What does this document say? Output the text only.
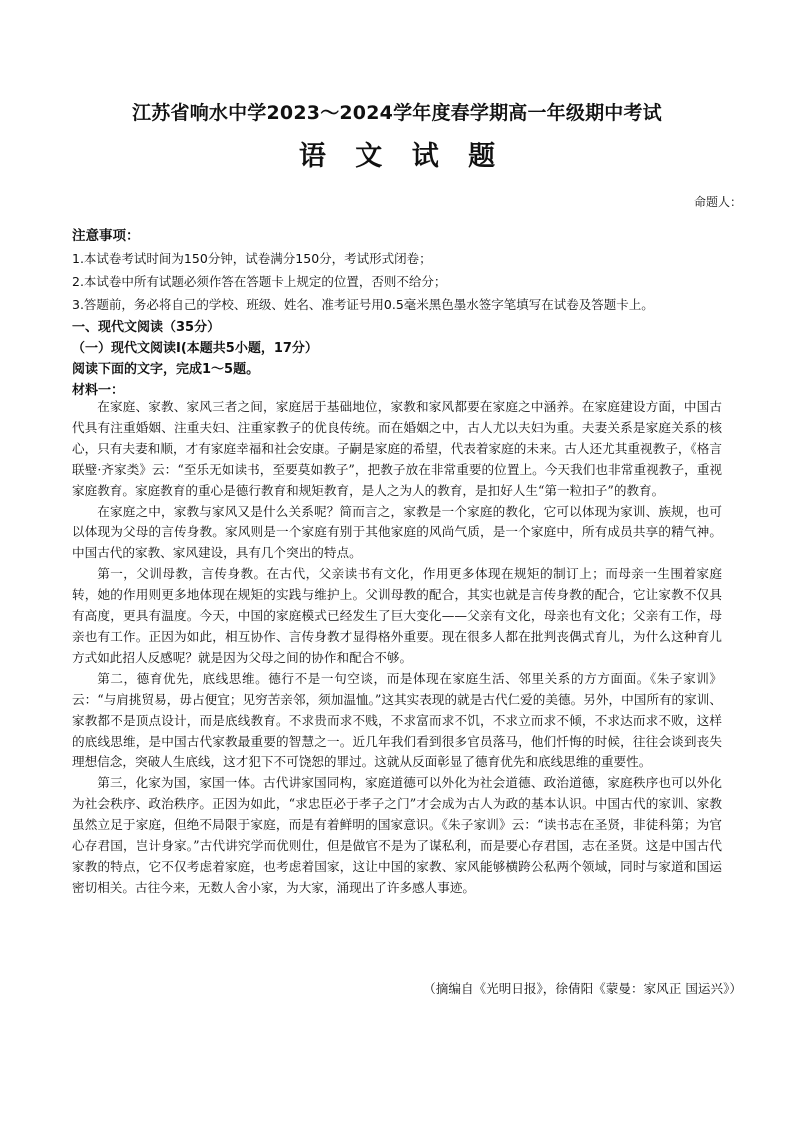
江苏省响水中学2023～2024学年度春学期高一年级期中考试
语 文 试 题
命题人：
注意事项：
1.本试卷考试时间为150分钟，试卷满分150分，考试形式闭卷；
2.本试卷中所有试题必须作答在答题卡上规定的位置，否则不给分；
3.答题前，务必将自己的学校、班级、姓名、准考证号用0.5毫米黑色墨水签字笔填写在试卷及答题卡上。
一、现代文阅读（35分）
（一）现代文阅读Ⅰ(本题共5小题，17分）
阅读下面的文字，完成1～5题。
材料一：

在家庭、家教、家风三者之间，家庭居于基础地位，家教和家风都要在家庭之中涵养。在家庭建设方面，中国古代具有注重婚姻、注重夫妇、注重家教子的优良传统。而在婚姻之中，古人尤以夫妇为重。夫妻关系是家庭关系的核心，只有夫妻和顺，才有家庭幸福和社会安康。子嗣是家庭的希望，代表着家庭的未来。古人还尤其重视教子，《格言联璧·齐家类》云：“至乐无如读书，至要莫如教子”，把教子放在非常重要的位置上。今天我们也非常重视教子，重视家庭教育。家庭教育的重心是德行教育和规矩教育，是人之为人的教育，是扣好人生“第一粒扣子”的教育。

在家庭之中，家教与家风又是什么关系呢？简而言之，家教是一个家庭的教化，它可以体现为家训、族规，也可以体现为父母的言传身教。家风则是一个家庭有别于其他家庭的风尚气质，是一个家庭中，所有成员共享的精气神。中国古代的家教、家风建设，具有几个突出的特点。

第一，父训母教，言传身教。在古代，父亲读书有文化，作用更多体现在规矩的制订上；而母亲一生围着家庭转，她的作用则更多地体现在规矩的实践与维护上。父训母教的配合，其实也就是言传身教的配合，它让家教不仅具有高度，更具有温度。今天，中国的家庭模式已经发生了巨大变化——父亲有文化，母亲也有文化；父亲有工作，母亲也有工作。正因为如此，相互协作、言传身教才显得格外重要。现在很多人都在批判丧偶式育儿，为什么这种育儿方式如此招人反感呢？就是因为父母之间的协作和配合不够。

第二，德育优先，底线思维。德行不是一句空谈，而是体现在家庭生活、邻里关系的方方面面。《朱子家训》云：“与肩挑贸易，毋占便宜；见穷苦亲邻，须加温恤。”这其实表现的就是古代仁爱的美德。另外，中国所有的家训、家教都不是顶点设计，而是底线教育。不求贵而求不贱，不求富而求不饥，不求立而求不倾，不求达而求不败，这样的底线思维，是中国古代家教最重要的智慧之一。近几年我们看到很多官员落马，他们忏悔的时候，往往会谈到丧失理想信念，突破人生底线，这才犯下不可饶恕的罪过。这就从反面彰显了德育优先和底线思维的重要性。

第三，化家为国，家国一体。古代讲家国同构，家庭道德可以外化为社会道德、政治道德，家庭秩序也可以外化为社会秩序、政治秩序。正因为如此，“求忠臣必于孝子之门”才会成为古人为政的基本认识。中国古代的家训、家教虽然立足于家庭，但绝不局限于家庭，而是有着鲜明的国家意识。《朱子家训》云：“读书志在圣贤，非徒科第；为官心存君国，岂计身家。”古代讲究学而优则仕，但是做官不是为了谋私利，而是要心存君国，志在圣贤。这是中国古代家教的特点，它不仅考虑着家庭，也考虑着国家，这让中国的家教、家风能够横跨公私两个领域，同时与家道和国运密切相关。古往今来，无数人舍小家，为大家，涌现出了许多感人事迹。

（摘编自《光明日报》，徐倩阳《蒙曼：家风正 国运兴》）
